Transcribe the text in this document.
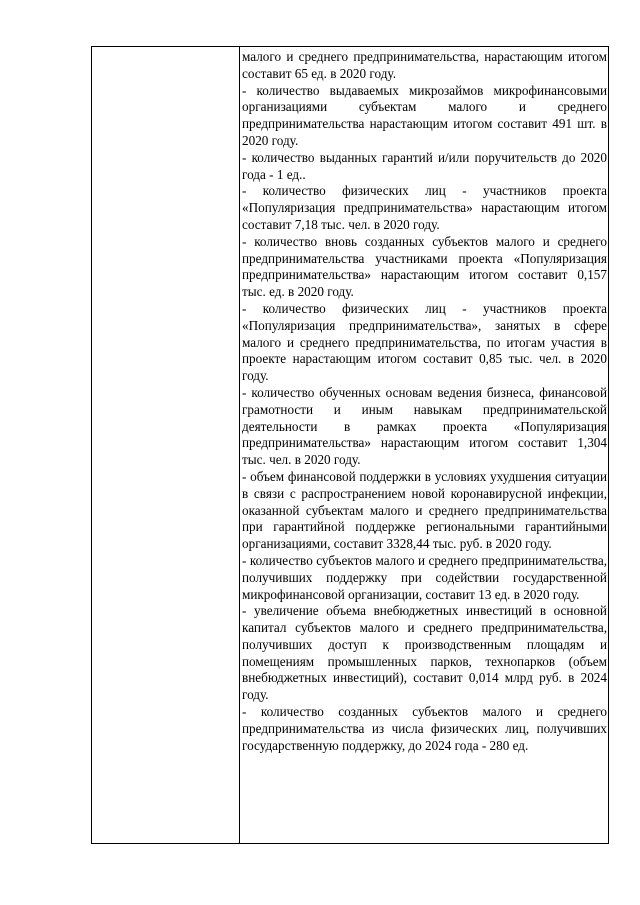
малого и среднего предпринимательства, нарастающим итогом составит 65 ед. в 2020 году.

- количество выдаваемых микрозаймов микрофинансовыми организациями субъектам малого и среднего предпринимательства нарастающим итогом составит 491 шт. в 2020 году.

- количество выданных гарантий и/или поручительств до 2020 года - 1 ед..

- количество физических лиц - участников проекта «Популяризация предпринимательства» нарастающим итогом составит 7,18 тыс. чел. в 2020 году.

- количество вновь созданных субъектов малого и среднего предпринимательства участниками проекта «Популяризация предпринимательства» нарастающим итогом составит 0,157 тыс. ед. в 2020 году.

- количество физических лиц - участников проекта «Популяризация предпринимательства», занятых в сфере малого и среднего предпринимательства, по итогам участия в проекте нарастающим итогом составит 0,85 тыс. чел. в 2020 году.

- количество обученных основам ведения бизнеса, финансовой грамотности и иным навыкам предпринимательской деятельности в рамках проекта «Популяризация предпринимательства» нарастающим итогом составит 1,304 тыс. чел. в 2020 году.

- объем финансовой поддержки в условиях ухудшения ситуации в связи с распространением новой коронавирусной инфекции, оказанной субъектам малого и среднего предпринимательства при гарантийной поддержке региональными гарантийными организациями, составит 3328,44 тыс. руб. в 2020 году.

- количество субъектов малого и среднего предпринимательства, получивших поддержку при содействии государственной микрофинансовой организации, составит 13 ед. в 2020 году.

- увеличение объема внебюджетных инвестиций в основной капитал субъектов малого и среднего предпринимательства, получивших доступ к производственным площадям и помещениям промышленных парков, технопарков (объем внебюджетных инвестиций), составит 0,014 млрд руб. в 2024 году.

- количество созданных субъектов малого и среднего предпринимательства из числа физических лиц, получивших государственную поддержку, до 2024 года - 280 ед.
